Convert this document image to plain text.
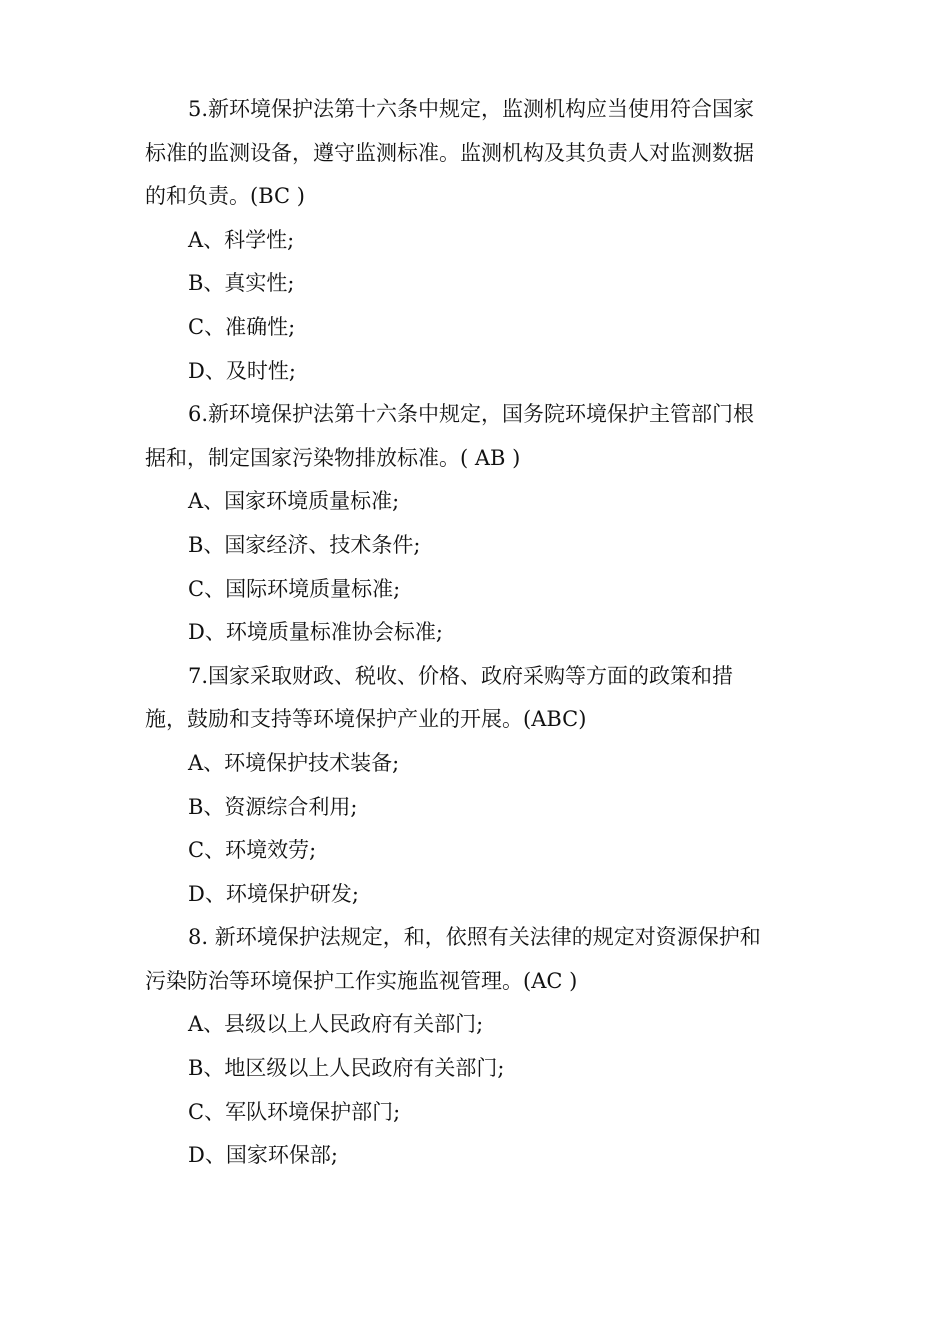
5.新环境保护法第十六条中规定，监测机构应当使用符合国家
标准的监测设备，遵守监测标准。监测机构及其负责人对监测数据
的和负责。(BC )
A、科学性;
B、真实性;
C、准确性;
D、及时性;
6.新环境保护法第十六条中规定，国务院环境保护主管部门根
据和，制定国家污染物排放标准。( AB )
A、国家环境质量标准;
B、国家经济、技术条件;
C、国际环境质量标准;
D、环境质量标准协会标准;
7.国家采取财政、税收、价格、政府采购等方面的政策和措
施，鼓励和支持等环境保护产业的开展。(ABC)
A、环境保护技术装备;
B、资源综合利用;
C、环境效劳;
D、环境保护研发;
8. 新环境保护法规定，和，依照有关法律的规定对资源保护和
污染防治等环境保护工作实施监视管理。(AC )
A、县级以上人民政府有关部门;
B、地区级以上人民政府有关部门;
C、军队环境保护部门;
D、国家环保部;
